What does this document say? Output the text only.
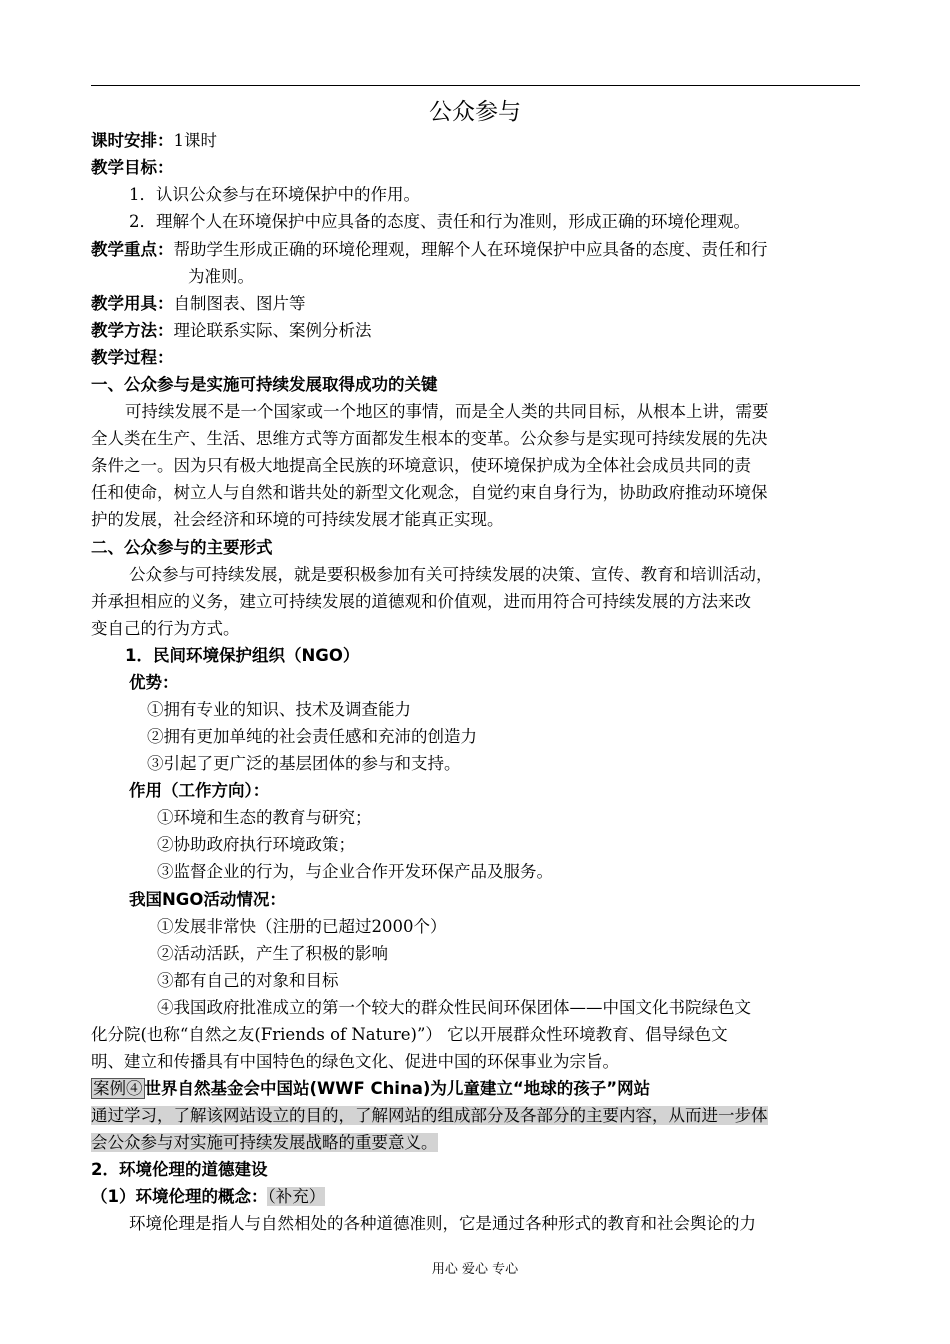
公众参与
课时安排：1课时
教学目标：
1．认识公众参与在环境保护中的作用。
2．理解个人在环境保护中应具备的态度、责任和行为准则，形成正确的环境伦理观。
教学重点：帮助学生形成正确的环境伦理观，理解个人在环境保护中应具备的态度、责任和行
为准则。
教学用具：自制图表、图片等
教学方法：理论联系实际、案例分析法
教学过程：
一、公众参与是实施可持续发展取得成功的关键
可持续发展不是一个国家或一个地区的事情，而是全人类的共同目标，从根本上讲，需要
全人类在生产、生活、思维方式等方面都发生根本的变革。公众参与是实现可持续发展的先决
条件之一。因为只有极大地提高全民族的环境意识，使环境保护成为全体社会成员共同的责
任和使命，树立人与自然和谐共处的新型文化观念，自觉约束自身行为，协助政府推动环境保
护的发展，社会经济和环境的可持续发展才能真正实现。
二、公众参与的主要形式
公众参与可持续发展，就是要积极参加有关可持续发展的决策、宣传、教育和培训活动，
并承担相应的义务，建立可持续发展的道德观和价值观，进而用符合可持续发展的方法来改
变自己的行为方式。
1．民间环境保护组织（NGO）
优势：
①拥有专业的知识、技术及调查能力
②拥有更加单纯的社会责任感和充沛的创造力
③引起了更广泛的基层团体的参与和支持。
作用（工作方向）：
①环境和生态的教育与研究；
②协助政府执行环境政策；
③监督企业的行为，与企业合作开发环保产品及服务。
我国NGO活动情况：
①发展非常快（注册的已超过2000个）
②活动活跃，产生了积极的影响
③都有自己的对象和目标
④我国政府批准成立的第一个较大的群众性民间环保团体——中国文化书院绿色文
化分院(也称“自然之友(Friends of Nature)”） 它以开展群众性环境教育、倡导绿色文
明、建立和传播具有中国特色的绿色文化、促进中国的环保事业为宗旨。
案例④ 世界自然基金会中国站(WWF China)为儿童建立“地球的孩子”网站
通过学习，了解该网站设立的目的，了解网站的组成部分及各部分的主要内容，从而进一步体
会公众参与对实施可持续发展战略的重要意义。
2．环境伦理的道德建设
（1）环境伦理的概念：（补充）
环境伦理是指人与自然相处的各种道德准则，它是通过各种形式的教育和社会舆论的力
用心 爱心 专心
